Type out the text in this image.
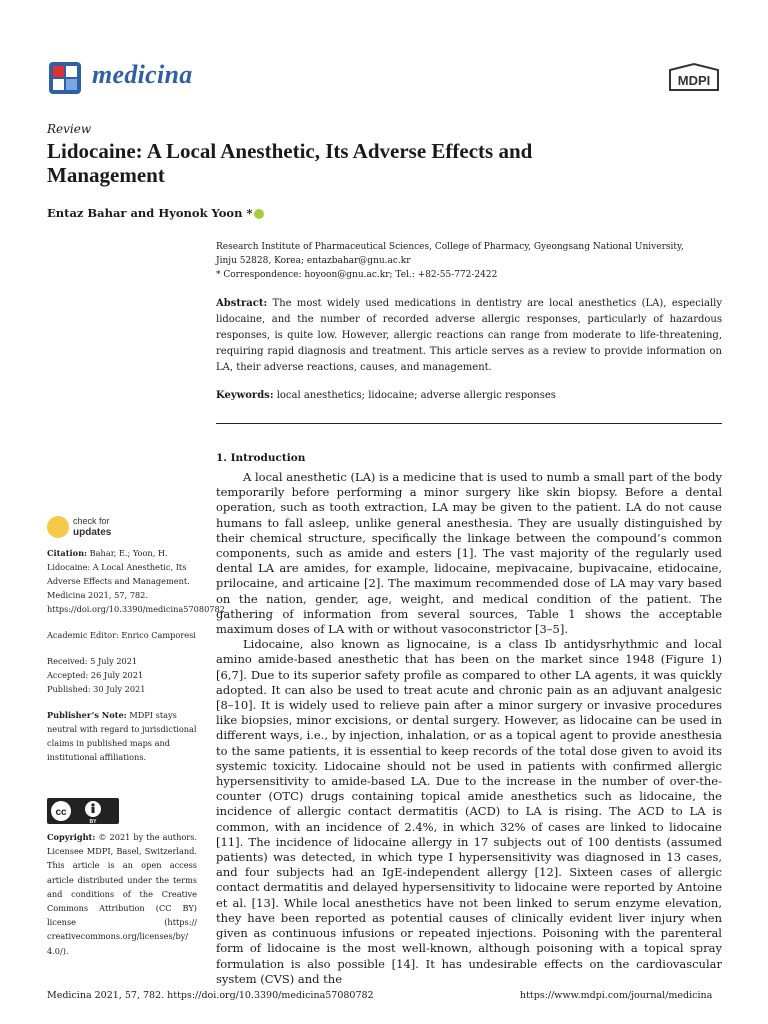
medicina	MDPI
Review
Lidocaine: A Local Anesthetic, Its Adverse Effects and Management
Entaz Bahar and Hyonok Yoon *
Research Institute of Pharmaceutical Sciences, College of Pharmacy, Gyeongsang National University,
Jinju 52828, Korea; entazbahar@gnu.ac.kr
* Correspondence: hoyoon@gnu.ac.kr; Tel.: +82-55-772-2422
Abstract: The most widely used medications in dentistry are local anesthetics (LA), especially lidocaine, and the number of recorded adverse allergic responses, particularly of hazardous responses, is quite low. However, allergic reactions can range from moderate to life-threatening, requiring rapid diagnosis and treatment. This article serves as a review to provide information on LA, their adverse reactions, causes, and management.
Keywords: local anesthetics; lidocaine; adverse allergic responses
1. Introduction

A local anesthetic (LA) is a medicine that is used to numb a small part of the body temporarily before performing a minor surgery like skin biopsy. Before a dental operation, such as tooth extraction, LA may be given to the patient. LA do not cause humans to fall asleep, unlike general anesthesia. They are usually distinguished by their chemical structure, specifically the linkage between the compound’s common components, such as amide and esters [1]. The vast majority of the regularly used dental LA are amides, for example, lidocaine, mepivacaine, bupivacaine, etidocaine, prilocaine, and articaine [2]. The maximum recommended dose of LA may vary based on the nation, gender, age, weight, and medical condition of the patient. The gathering of information from several sources, Table 1 shows the acceptable maximum doses of LA with or without vasoconstrictor [3–5].

Lidocaine, also known as lignocaine, is a class Ib antidysrhythmic and local amino amide-based anesthetic that has been on the market since 1948 (Figure 1) [6,7]. Due to its superior safety profile as compared to other LA agents, it was quickly adopted. It can also be used to treat acute and chronic pain as an adjuvant analgesic [8–10]. It is widely used to relieve pain after a minor surgery or invasive procedures like biopsies, minor excisions, or dental surgery. However, as lidocaine can be used in different ways, i.e., by injection, inhalation, or as a topical agent to provide anesthesia to the same patients, it is essential to keep records of the total dose given to avoid its systemic toxicity. Lidocaine should not be used in patients with confirmed allergic hypersensitivity to amide-based LA. Due to the increase in the number of over-the-counter (OTC) drugs containing topical amide anesthetics such as lidocaine, the incidence of allergic contact dermatitis (ACD) to LA is rising. The ACD to LA is common, with an incidence of 2.4%, in which 32% of cases are linked to lidocaine [11]. The incidence of lidocaine allergy in 17 subjects out of 100 dentists (assumed patients) was detected, in which type I hypersensitivity was diagnosed in 13 cases, and four subjects had an IgE-independent allergy [12]. Sixteen cases of allergic contact dermatitis and delayed hypersensitivity to lidocaine were reported by Antoine et al. [13]. While local anesthetics have not been linked to serum enzyme elevation, they have been reported as potential causes of clinically evident liver injury when given as continuous infusions or repeated injections. Poisoning with the parenteral form of lidocaine is the most well-known, although poisoning with a topical spray formulation is also possible [14]. It has undesirable effects on the cardiovascular system (CVS) and the

check for
updates

Citation: Bahar, E.; Yoon, H. Lidocaine: A Local Anesthetic, Its Adverse Effects and Management. Medicina 2021, 57, 782. https://doi.org/10.3390/medicina57080782

Academic Editor: Enrico Camporesi

Received: 5 July 2021

Accepted: 26 July 2021

Published: 30 July 2021

Publisher’s Note: MDPI stays neutral with regard to jurisdictional claims in published maps and institutional affiliations.

cc
BY
Copyright: © 2021 by the authors. Licensee MDPI, Basel, Switzerland. This article is an open access article distributed under the terms and conditions of the Creative Commons Attribution (CC BY) license (https:// creativecommons.org/licenses/by/ 4.0/).
Medicina 2021, 57, 782. https://doi.org/10.3390/medicina57080782	https://www.mdpi.com/journal/medicina
